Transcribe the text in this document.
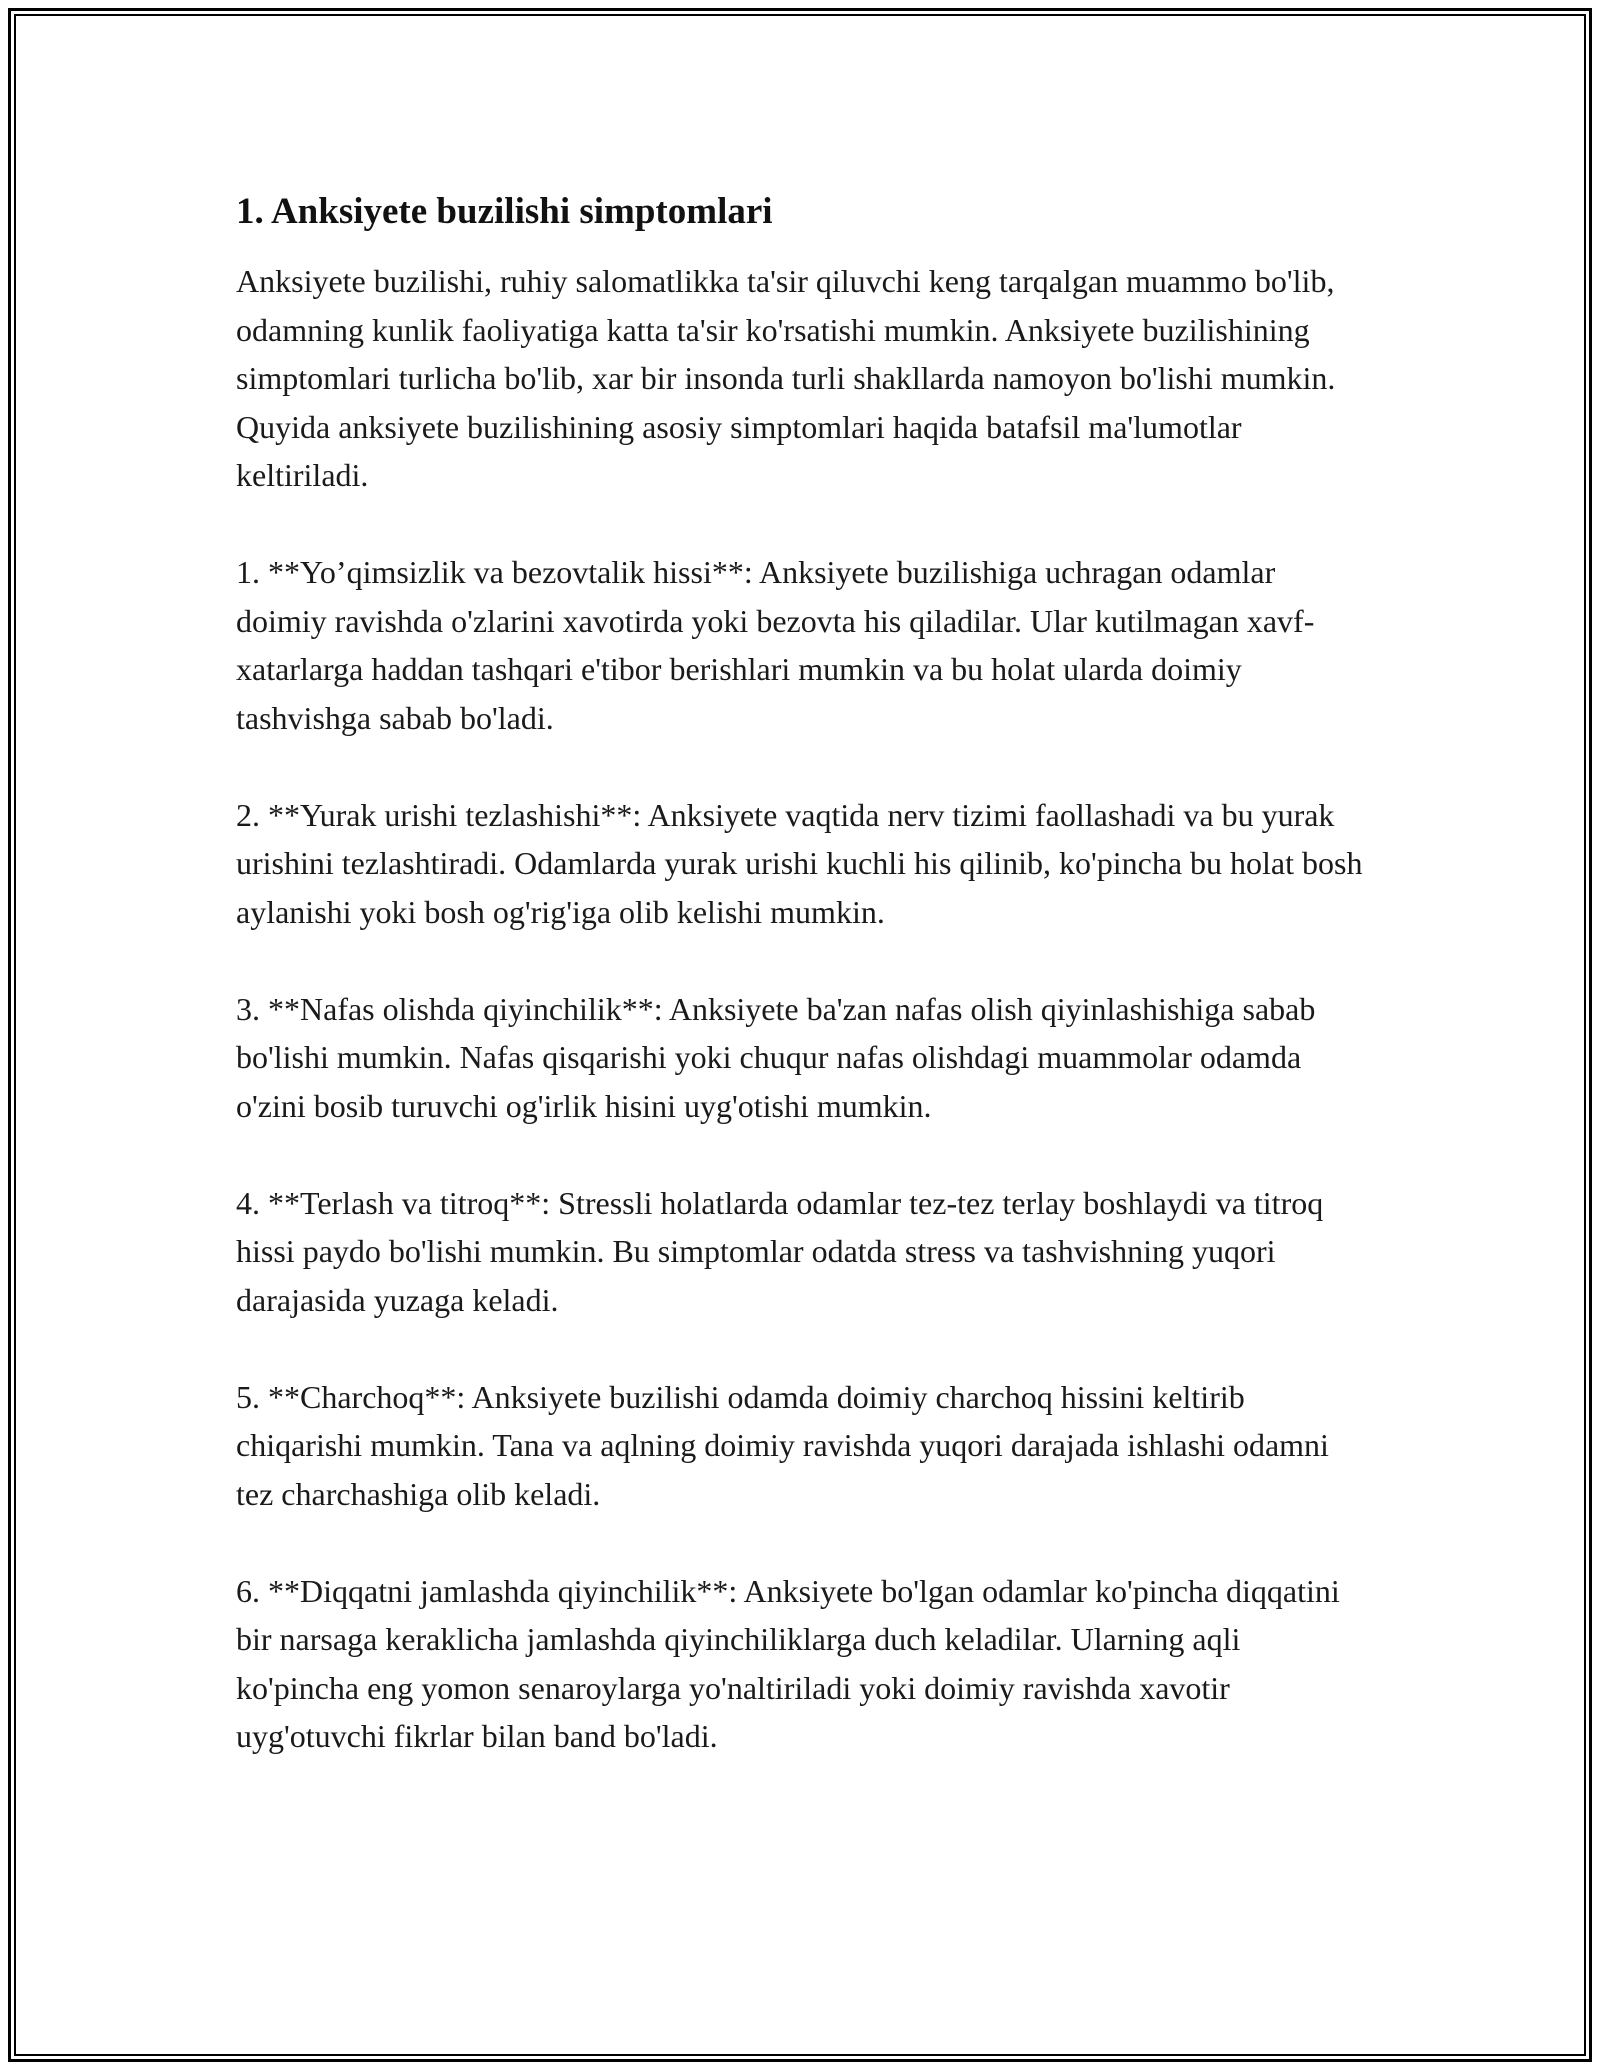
1. Anksiyete buzilishi simptomlari

Anksiyete buzilishi, ruhiy salomatlikka ta'sir qiluvchi keng tarqalgan muammo bo'lib, odamning kunlik faoliyatiga katta ta'sir ko'rsatishi mumkin. Anksiyete buzilishining simptomlari turlicha bo'lib, xar bir insonda turli shakllarda namoyon bo'lishi mumkin. Quyida anksiyete buzilishining asosiy simptomlari haqida batafsil ma'lumotlar keltiriladi.

1. **Yo’qimsizlik va bezovtalik hissi**: Anksiyete buzilishiga uchragan odamlar doimiy ravishda o'zlarini xavotirda yoki bezovta his qiladilar. Ular kutilmagan xavf-xatarlarga haddan tashqari e'tibor berishlari mumkin va bu holat ularda doimiy tashvishga sabab bo'ladi.

2. **Yurak urishi tezlashishi**: Anksiyete vaqtida nerv tizimi faollashadi va bu yurak urishini tezlashtiradi. Odamlarda yurak urishi kuchli his qilinib, ko'pincha bu holat bosh aylanishi yoki bosh og'rig'iga olib kelishi mumkin.

3. **Nafas olishda qiyinchilik**: Anksiyete ba'zan nafas olish qiyinlashishiga sabab bo'lishi mumkin. Nafas qisqarishi yoki chuqur nafas olishdagi muammolar odamda o'zini bosib turuvchi og'irlik hisini uyg'otishi mumkin.

4. **Terlash va titroq**: Stressli holatlarda odamlar tez-tez terlay boshlaydi va titroq hissi paydo bo'lishi mumkin. Bu simptomlar odatda stress va tashvishning yuqori darajasida yuzaga keladi.

5. **Charchoq**: Anksiyete buzilishi odamda doimiy charchoq hissini keltirib chiqarishi mumkin. Tana va aqlning doimiy ravishda yuqori darajada ishlashi odamni tez charchashiga olib keladi.

6. **Diqqatni jamlashda qiyinchilik**: Anksiyete bo'lgan odamlar ko'pincha diqqatini bir narsaga keraklicha jamlashda qiyinchiliklarga duch keladilar. Ularning aqli ko'pincha eng yomon senaroylarga yo'naltiriladi yoki doimiy ravishda xavotir uyg'otuvchi fikrlar bilan band bo'ladi.
